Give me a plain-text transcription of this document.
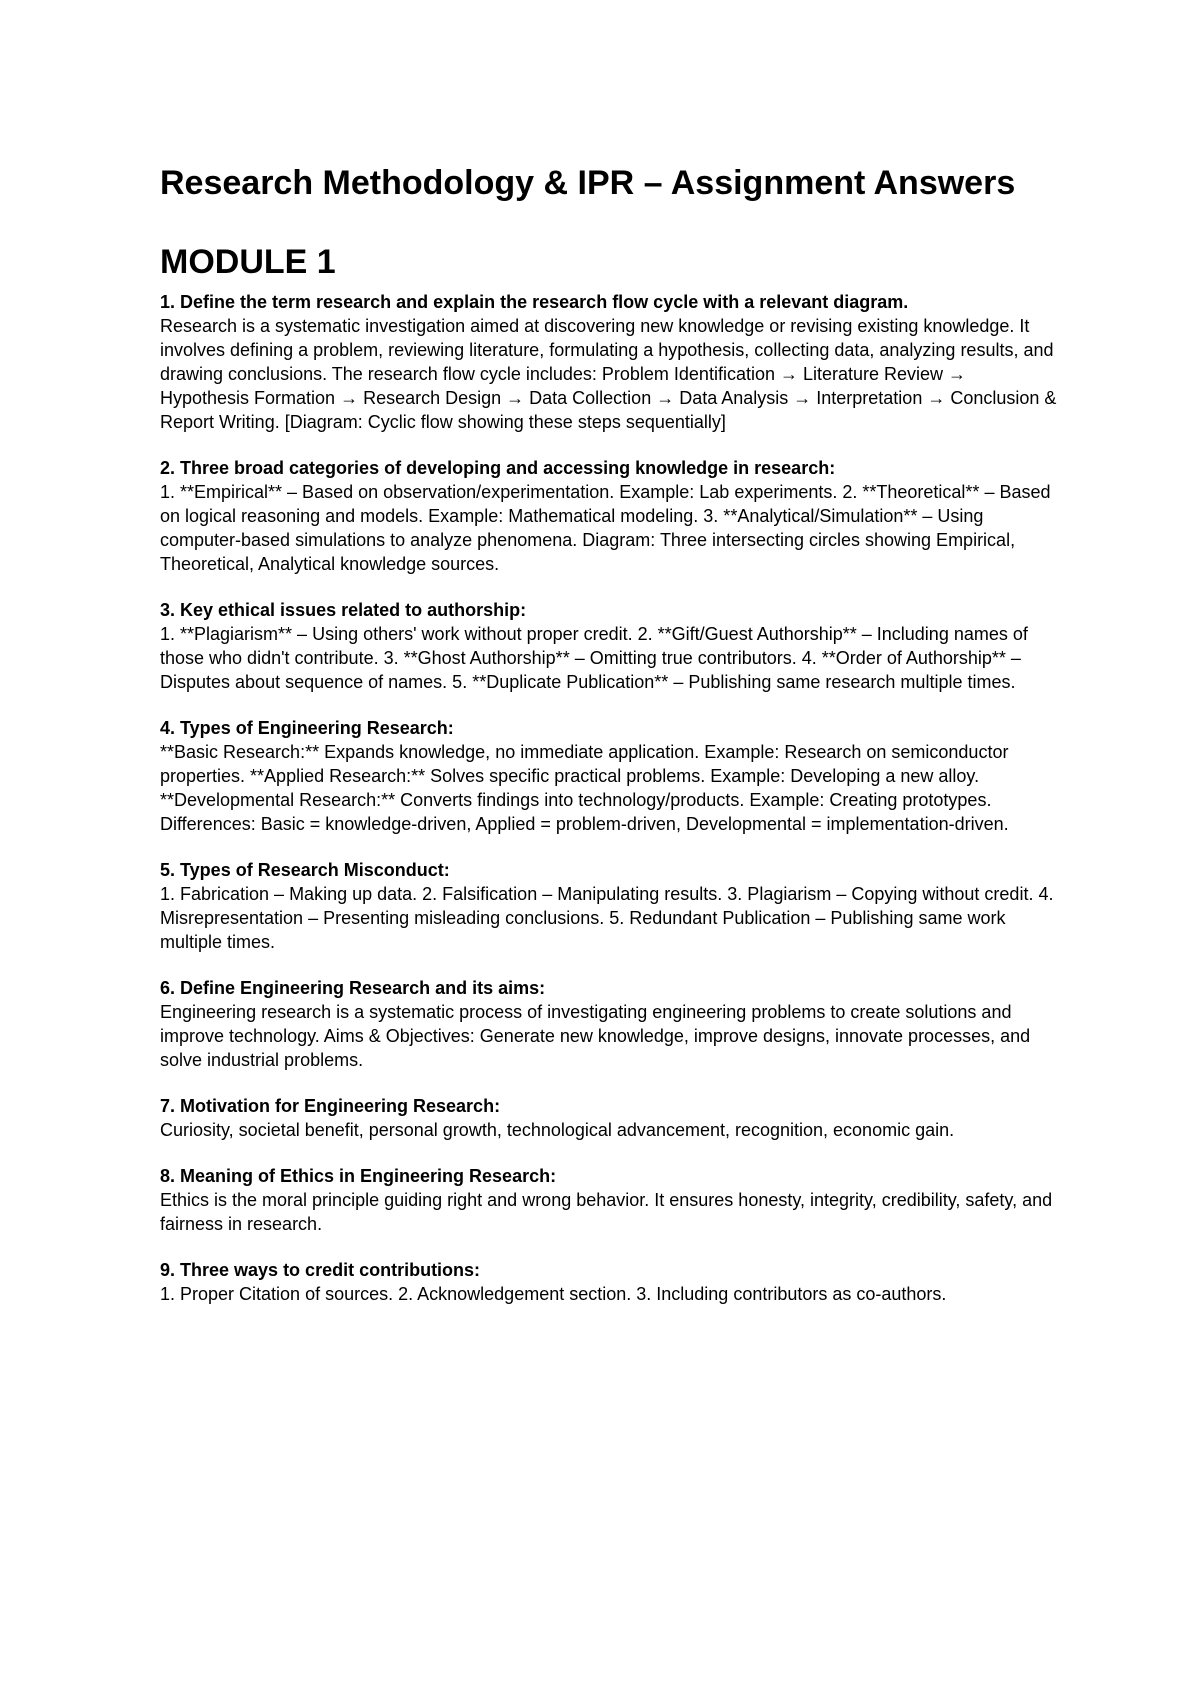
Research Methodology & IPR – Assignment Answers
MODULE 1

1. Define the term research and explain the research flow cycle with a relevant diagram.

Research is a systematic investigation aimed at discovering new knowledge or revising existing knowledge. It involves defining a problem, reviewing literature, formulating a hypothesis, collecting data, analyzing results, and drawing conclusions. The research flow cycle includes: Problem Identification → Literature Review → Hypothesis Formation → Research Design → Data Collection → Data Analysis → Interpretation → Conclusion & Report Writing. [Diagram: Cyclic flow showing these steps sequentially]

2. Three broad categories of developing and accessing knowledge in research:

1. **Empirical** – Based on observation/experimentation. Example: Lab experiments. 2. **Theoretical** – Based on logical reasoning and models. Example: Mathematical modeling. 3. **Analytical/Simulation** – Using computer-based simulations to analyze phenomena. Diagram: Three intersecting circles showing Empirical, Theoretical, Analytical knowledge sources.

3. Key ethical issues related to authorship:

1. **Plagiarism** – Using others' work without proper credit. 2. **Gift/Guest Authorship** – Including names of those who didn't contribute. 3. **Ghost Authorship** – Omitting true contributors. 4. **Order of Authorship** – Disputes about sequence of names. 5. **Duplicate Publication** – Publishing same research multiple times.

4. Types of Engineering Research:

**Basic Research:** Expands knowledge, no immediate application. Example: Research on semiconductor properties. **Applied Research:** Solves specific practical problems. Example: Developing a new alloy. **Developmental Research:** Converts findings into technology/products. Example: Creating prototypes. Differences: Basic = knowledge-driven, Applied = problem-driven, Developmental = implementation-driven.

5. Types of Research Misconduct:

1. Fabrication – Making up data. 2. Falsification – Manipulating results. 3. Plagiarism – Copying without credit. 4. Misrepresentation – Presenting misleading conclusions. 5. Redundant Publication – Publishing same work multiple times.

6. Define Engineering Research and its aims:

Engineering research is a systematic process of investigating engineering problems to create solutions and improve technology. Aims & Objectives: Generate new knowledge, improve designs, innovate processes, and solve industrial problems.

7. Motivation for Engineering Research:

Curiosity, societal benefit, personal growth, technological advancement, recognition, economic gain.

8. Meaning of Ethics in Engineering Research:

Ethics is the moral principle guiding right and wrong behavior. It ensures honesty, integrity, credibility, safety, and fairness in research.

9. Three ways to credit contributions:

1. Proper Citation of sources. 2. Acknowledgement section. 3. Including contributors as co-authors.
